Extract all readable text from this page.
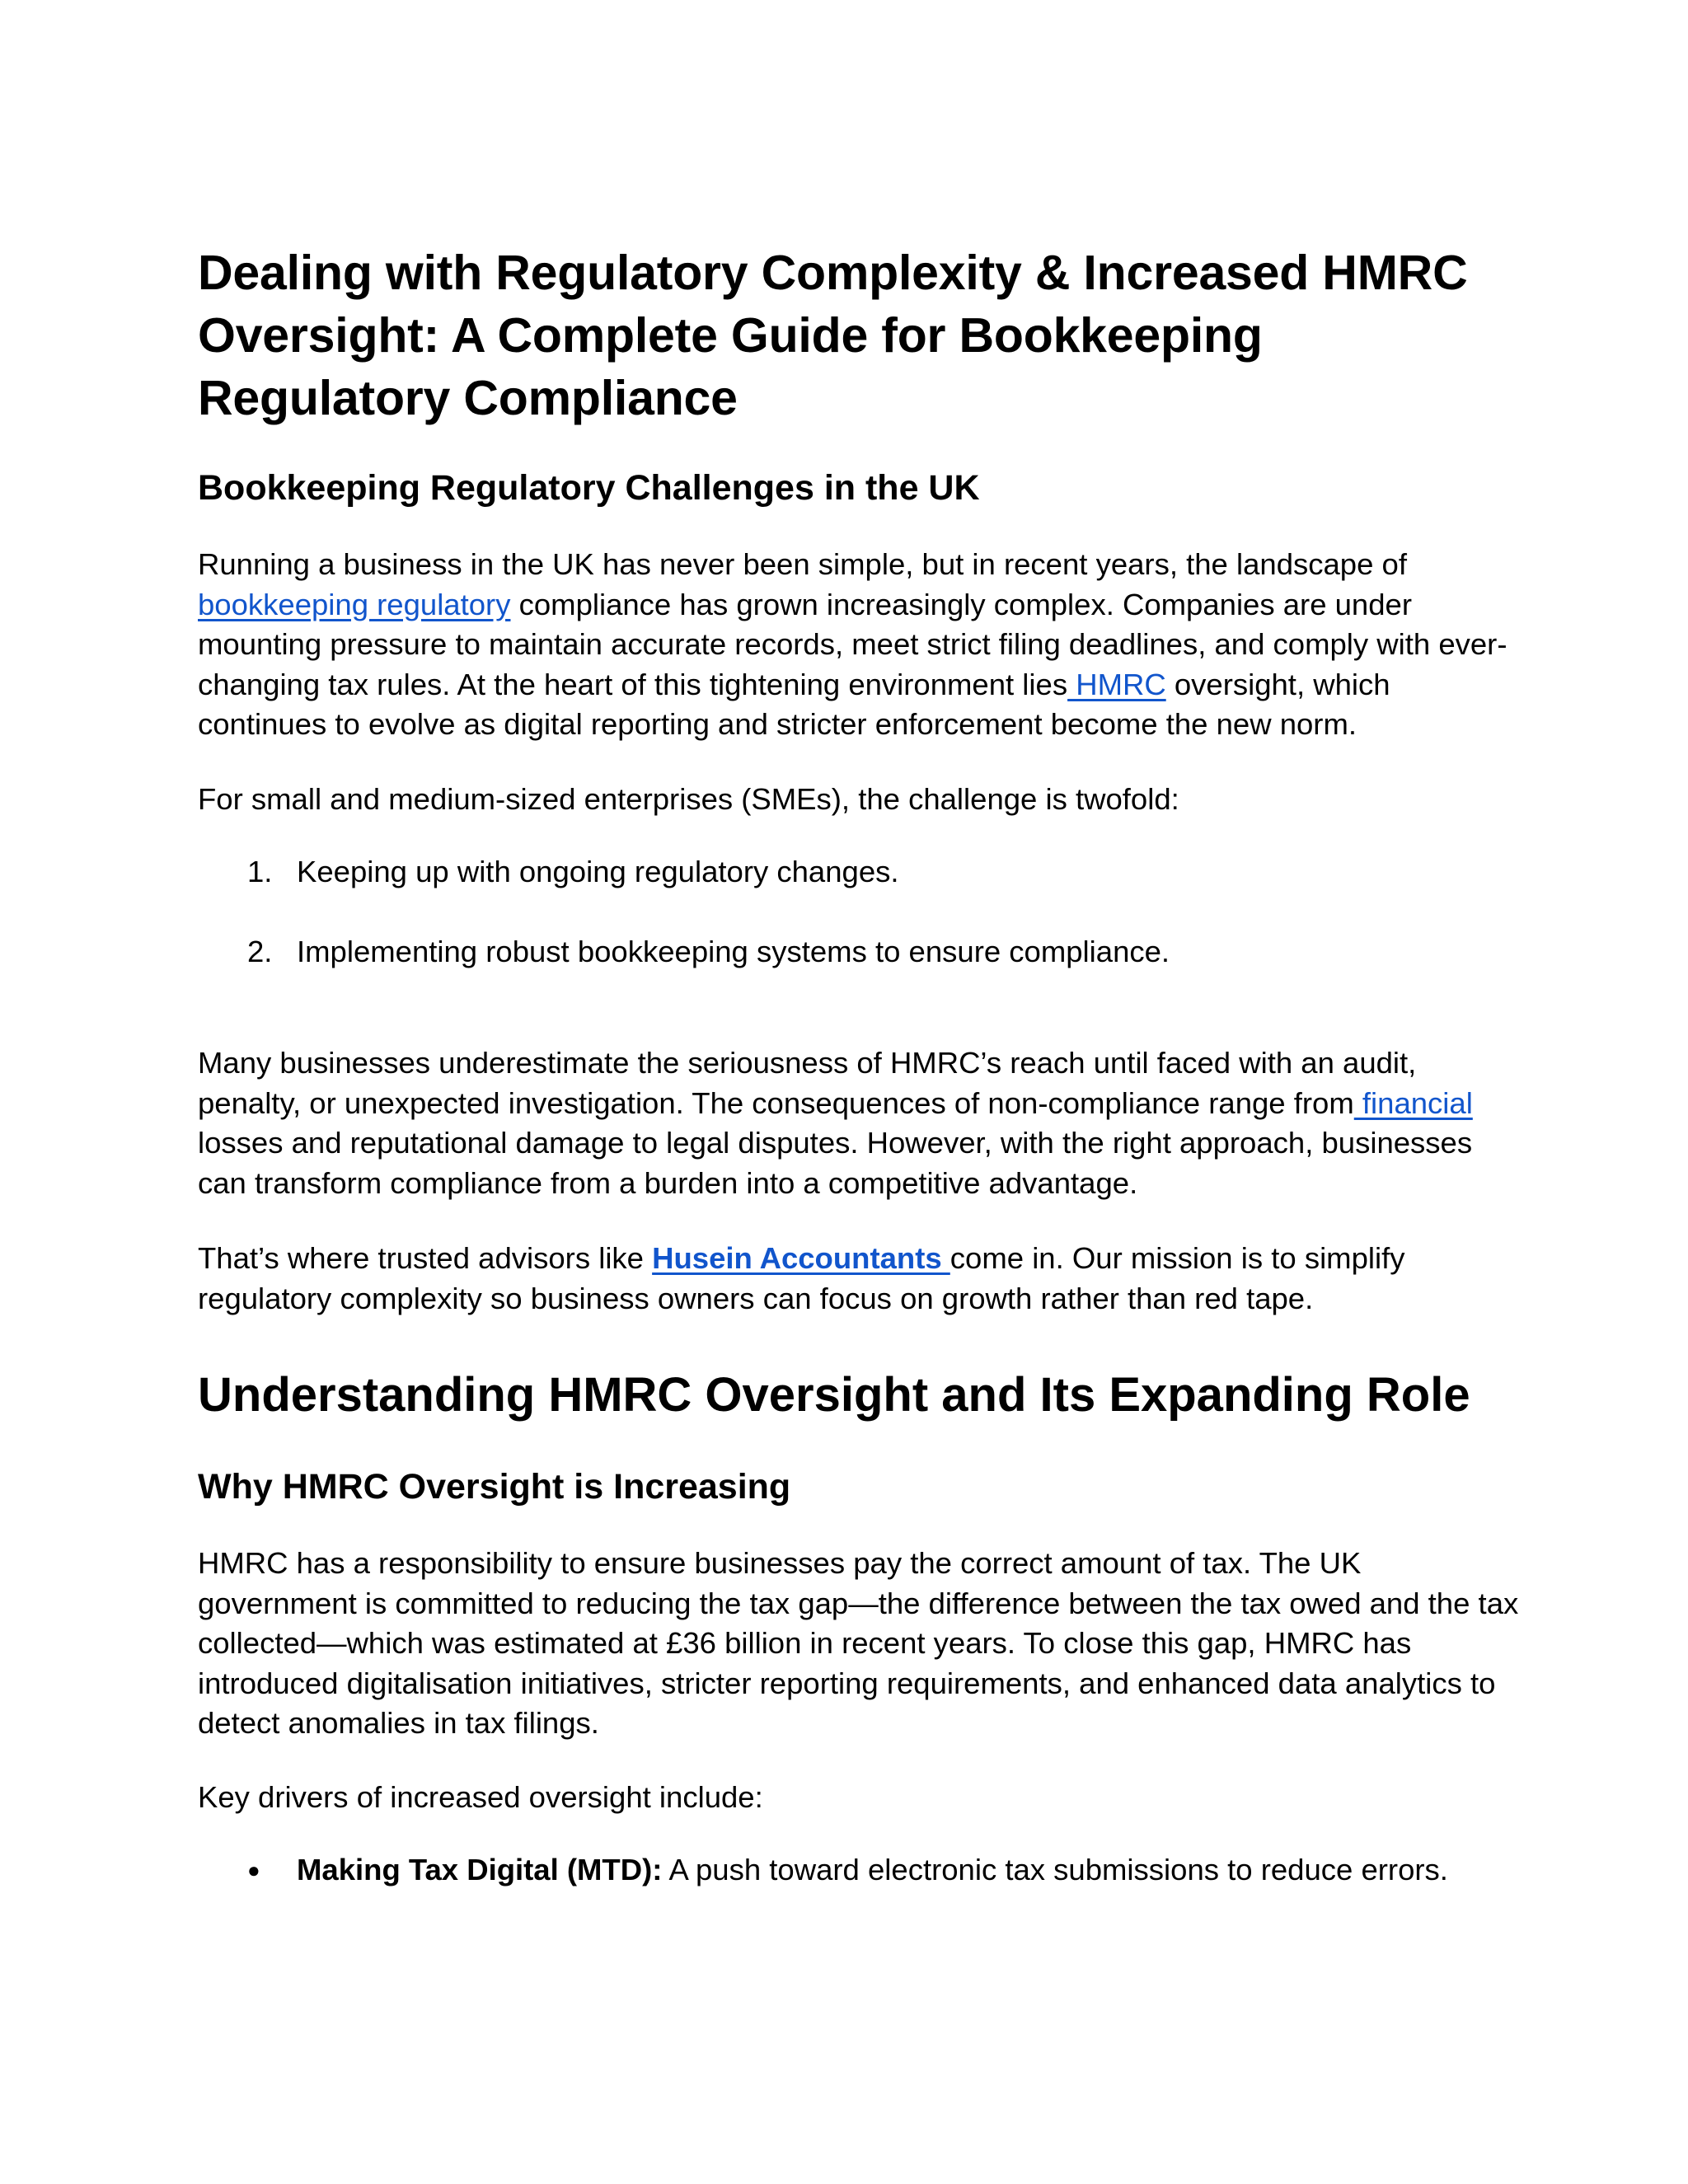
Dealing with Regulatory Complexity & Increased HMRC Oversight: A Complete Guide for Bookkeeping Regulatory Compliance
Bookkeeping Regulatory Challenges in the UK

Running a business in the UK has never been simple, but in recent years, the landscape of bookkeeping regulatory compliance has grown increasingly complex. Companies are under mounting pressure to maintain accurate records, meet strict filing deadlines, and comply with ever-changing tax rules. At the heart of this tightening environment lies HMRC oversight, which continues to evolve as digital reporting and stricter enforcement become the new norm.

For small and medium-sized enterprises (SMEs), the challenge is twofold:

1. Keeping up with ongoing regulatory changes.
2. Implementing robust bookkeeping systems to ensure compliance.

Many businesses underestimate the seriousness of HMRC’s reach until faced with an audit, penalty, or unexpected investigation. The consequences of non-compliance range from financial losses and reputational damage to legal disputes. However, with the right approach, businesses can transform compliance from a burden into a competitive advantage.

That’s where trusted advisors like Husein Accountants come in. Our mission is to simplify regulatory complexity so business owners can focus on growth rather than red tape.

Understanding HMRC Oversight and Its Expanding Role
Why HMRC Oversight is Increasing

HMRC has a responsibility to ensure businesses pay the correct amount of tax. The UK government is committed to reducing the tax gap—the difference between the tax owed and the tax collected—which was estimated at £36 billion in recent years. To close this gap, HMRC has introduced digitalisation initiatives, stricter reporting requirements, and enhanced data analytics to detect anomalies in tax filings.

Key drivers of increased oversight include:

●	Making Tax Digital (MTD): A push toward electronic tax submissions to reduce errors.
